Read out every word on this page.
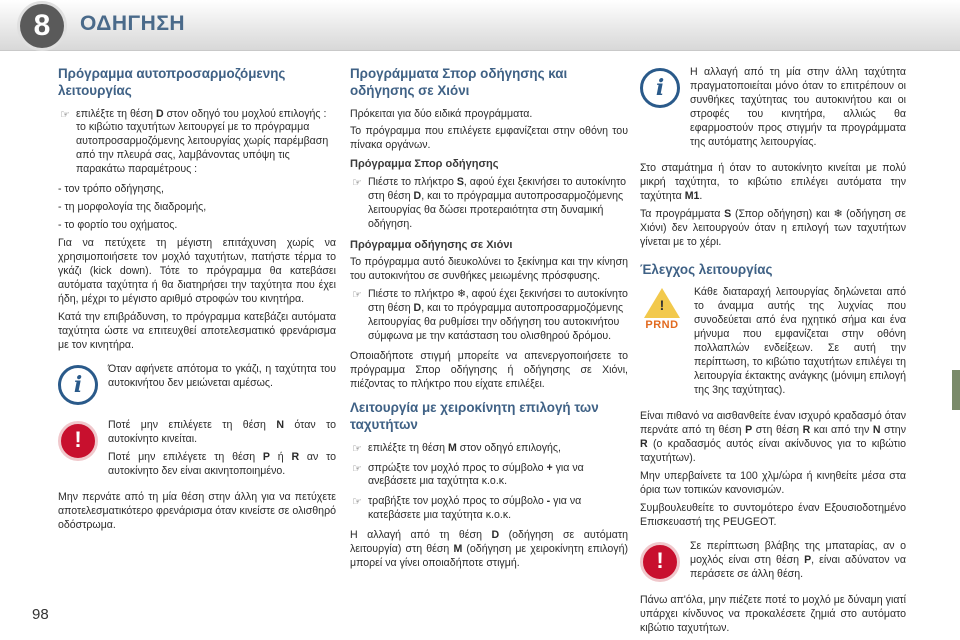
8	ΟΔΗΓΗΣΗ
Πρόγραμμα αυτοπροσαρμοζόμενης λειτουργίας
☞ επιλέξτε τη θέση D στον οδηγό του μοχλού επιλογής : το κιβώτιο ταχυτήτων λειτουργεί με το πρόγραμμα αυτοπροσαρμοζόμενης λειτουργίας χωρίς παρέμβαση από την πλευρά σας, λαμβάνοντας υπόψη τις παρακάτω παραμέτρους :

- τον τρόπο οδήγησης,

- τη μορφολογία της διαδρομής,

- το φορτίο του οχήματος.

Για να πετύχετε τη μέγιστη επιτάχυνση χωρίς να χρησιμοποιήσετε τον μοχλό ταχυτήτων, πατήστε τέρμα το γκάζι (kick down). Τότε το πρόγραμμα θα κατεβάσει αυτόματα ταχύτητα ή θα διατηρήσει την ταχύτητα που έχει ήδη, μέχρι το μέγιστο αριθμό στροφών του κινητήρα.

Κατά την επιβράδυνση, το πρόγραμμα κατεβάζει αυτόματα ταχύτητα ώστε να επιτευχθεί αποτελεσματικό φρενάρισμα με τον κινητήρα.

i

Όταν αφήνετε απότομα το γκάζι, η ταχύτητα του αυτοκινήτου δεν μειώνεται αμέσως.

!

Ποτέ μην επιλέγετε τη θέση N όταν το αυτοκίνητο κινείται.

Ποτέ μην επιλέγετε τη θέση P ή R αν το αυτοκίνητο δεν είναι ακινητοποιημένο.

Μην περνάτε από τη μία θέση στην άλλη για να πετύχετε αποτελεσματικότερο φρενάρισμα όταν κινείστε σε ολισθηρό οδόστρωμα.

Προγράμματα Σπορ οδήγησης και οδήγησης σε Χιόνι

Πρόκειται για δύο ειδικά προγράμματα.

Το πρόγραμμα που επιλέγετε εμφανίζεται στην οθόνη του πίνακα οργάνων.

Πρόγραμμα Σπορ οδήγησης
☞ Πιέστε το πλήκτρο S, αφού έχει ξεκινήσει το αυτοκίνητο στη θέση D, και το πρόγραμμα αυτοπροσαρμοζόμενης λειτουργίας θα δώσει προτεραιότητα στη δυναμική οδήγηση.
Πρόγραμμα οδήγησης σε Χιόνι

Το πρόγραμμα αυτό διευκολύνει το ξεκίνημα και την κίνηση του αυτοκινήτου σε συνθήκες μειωμένης πρόσφυσης.

☞ Πιέστε το πλήκτρο ❄, αφού έχει ξεκινήσει το αυτοκίνητο στη θέση D, και το πρόγραμμα αυτοπροσαρμοζόμενης λειτουργίας θα ρυθμίσει την οδήγηση του αυτοκινήτου σύμφωνα με την κατάσταση του ολισθηρού δρόμου.

Οποιαδήποτε στιγμή μπορείτε να απενεργοποιήσετε το πρόγραμμα Σπορ οδήγησης ή οδήγησης σε Χιόνι, πιέζοντας το πλήκτρο που είχατε επιλέξει.

Λειτουργία με χειροκίνητη επιλογή των ταχυτήτων
☞ επιλέξτε τη θέση M στον οδηγό επιλογής,
☞ σπρώξτε τον μοχλό προς το σύμβολο + για να ανεβάσετε μια ταχύτητα κ.ο.κ.
☞ τραβήξτε τον μοχλό προς το σύμβολο - για να κατεβάσετε μια ταχύτητα κ.ο.κ.

Η αλλαγή από τη θέση D (οδήγηση σε αυτόματη λειτουργία) στη θέση M (οδήγηση με χειροκίνητη επιλογή) μπορεί να γίνει οποιαδήποτε στιγμή.

i

Η αλλαγή από τη μία στην άλλη ταχύτητα πραγματοποιείται μόνο όταν το επιτρέπουν οι συνθήκες ταχύτητας του αυτοκινήτου και οι στροφές του κινητήρα, αλλιώς θα εφαρμοστούν προς στιγμήν τα προγράμματα της αυτόματης λειτουργίας.

Στο σταμάτημα ή όταν το αυτοκίνητο κινείται με πολύ μικρή ταχύτητα, το κιβώτιο επιλέγει αυτόματα την ταχύτητα M1.

Τα προγράμματα S (Σπορ οδήγηση) και ❄ (οδήγηση σε Χιόνι) δεν λειτουργούν όταν η επιλογή των ταχυτήτων γίνεται με το χέρι.

Έλεγχος λειτουργίας
!
PRND

Κάθε διαταραχή λειτουργίας δηλώνεται από το άναμμα αυτής της λυχνίας που συνοδεύεται από ένα ηχητικό σήμα και ένα μήνυμα που εμφανίζεται στην οθόνη πολλαπλών ενδείξεων. Σε αυτή την περίπτωση, το κιβώτιο ταχυτήτων επιλέγει τη λειτουργία έκτακτης ανάγκης (μόνιμη επιλογή της 3ης ταχύτητας).

Είναι πιθανό να αισθανθείτε έναν ισχυρό κραδασμό όταν περνάτε από τη θέση P στη θέση R και από την N στην R (ο κραδασμός αυτός είναι ακίνδυνος για το κιβώτιο ταχυτήτων).

Μην υπερβαίνετε τα 100 χλμ/ώρα ή κινηθείτε μέσα στα όρια των τοπικών κανονισμών.

Συμβουλευθείτε το συντομότερο έναν Εξουσιοδοτημένο Επισκευαστή της PEUGEOT.

!

Σε περίπτωση βλάβης της μπαταρίας, αν ο μοχλός είναι στη θέση P, είναι αδύνατον να περάσετε σε άλλη θέση.

Πάνω απ'όλα, μην πιέζετε ποτέ το μοχλό με δύναμη γιατί υπάρχει κίνδυνος να προκαλέσετε ζημιά στο αυτόματο κιβώτιο ταχυτήτων.

98
